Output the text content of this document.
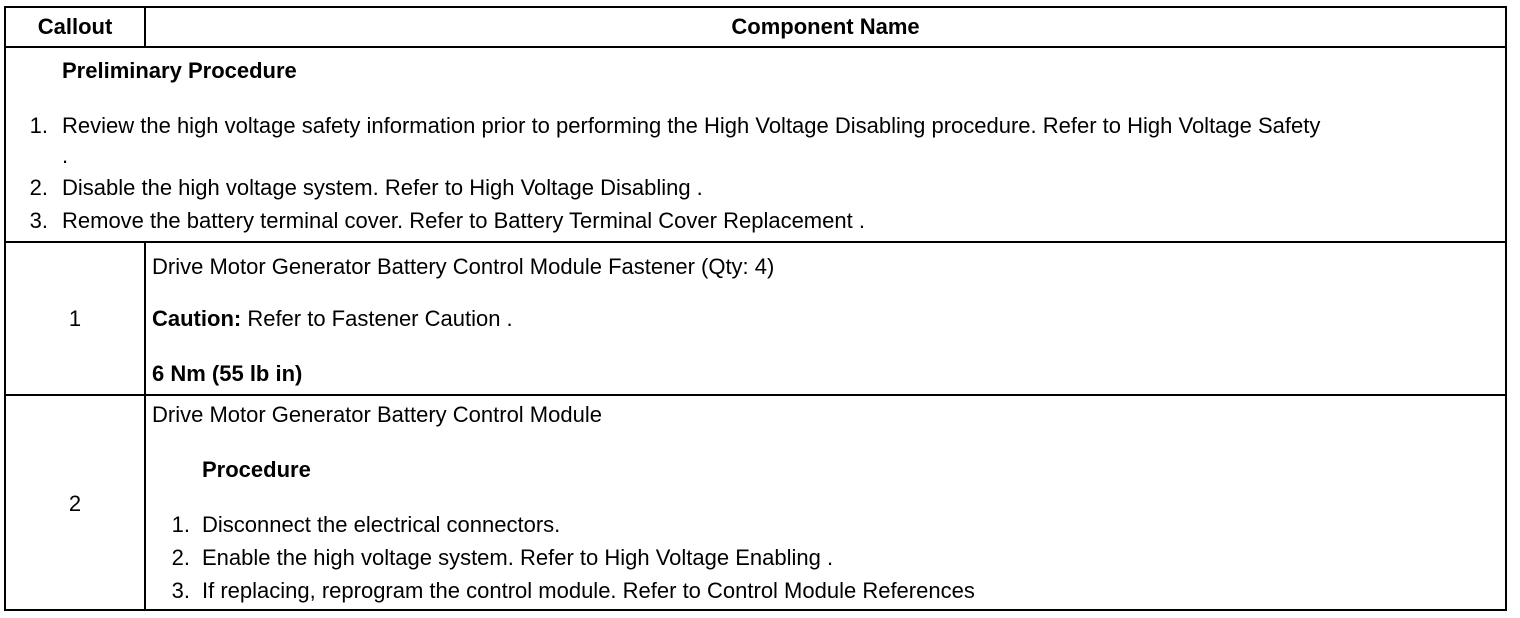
Callout	Component Name
Preliminary Procedure
1. Review the high voltage safety information prior to performing the High Voltage Disabling procedure. Refer to High Voltage Safety
.
2. Disable the high voltage system. Refer to High Voltage Disabling .
3. Remove the battery terminal cover. Refer to Battery Terminal Cover Replacement .
1
Drive Motor Generator Battery Control Module Fastener (Qty: 4)
Caution: Refer to Fastener Caution .
6 Nm (55 lb in)
2
Drive Motor Generator Battery Control Module
Procedure
1. Disconnect the electrical connectors.
2. Enable the high voltage system. Refer to High Voltage Enabling .
3. If replacing, reprogram the control module. Refer to Control Module References
